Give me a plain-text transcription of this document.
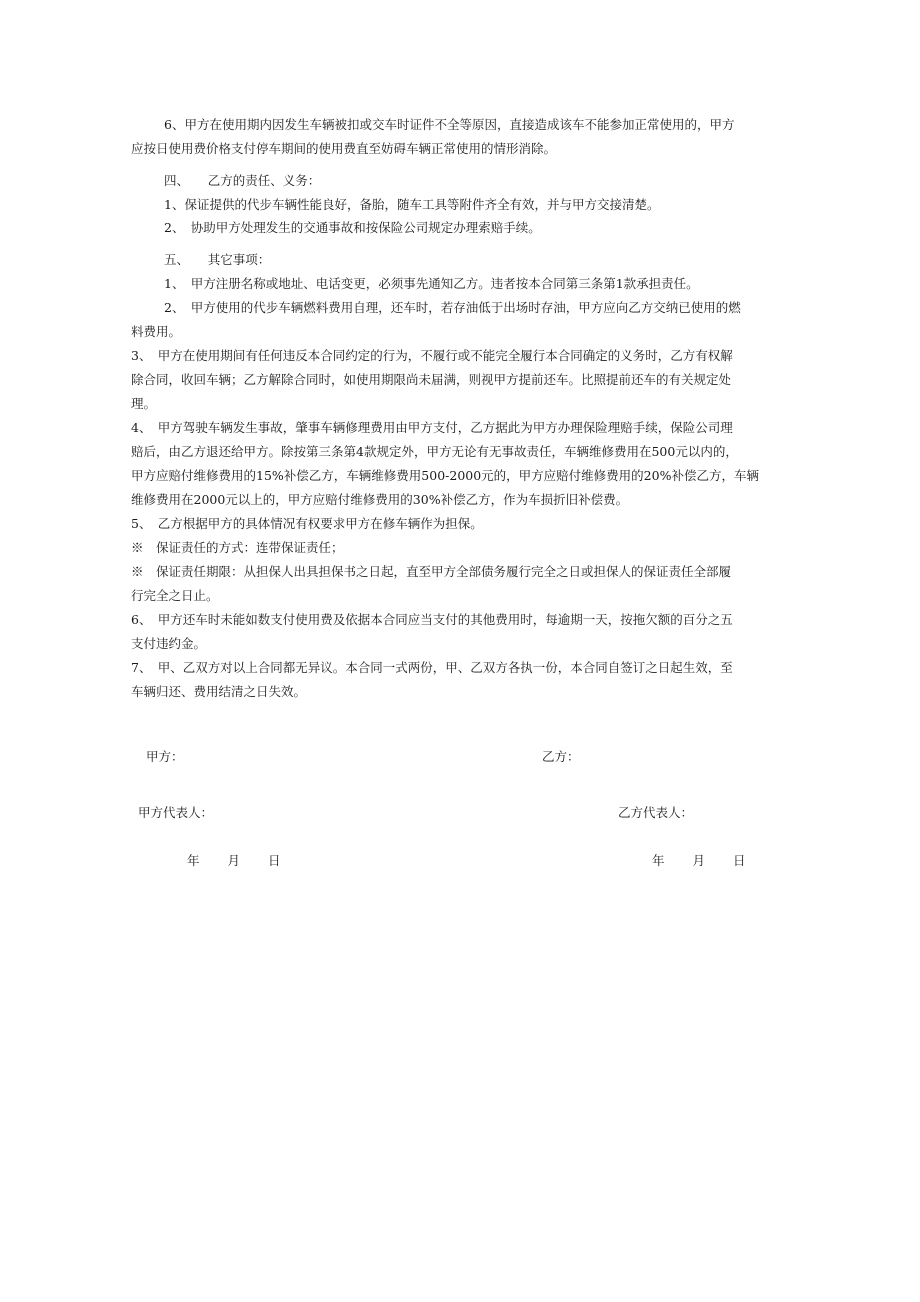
6、甲方在使用期内因发生车辆被扣或交车时证件不全等原因，直接造成该车不能参加正常使用的，甲方
应按日使用费价格支付停车期间的使用费直至妨碍车辆正常使用的情形消除。
四、　　乙方的责任、义务：
1、保证提供的代步车辆性能良好，备胎，随车工具等附件齐全有效，并与甲方交接清楚。
2、　协助甲方处理发生的交通事故和按保险公司规定办理索赔手续。
五、　　其它事项：
1、　甲方注册名称或地址、电话变更，必须事先通知乙方。违者按本合同第三条第1款承担责任。
2、　甲方使用的代步车辆燃料费用自理，还车时，若存油低于出场时存油，甲方应向乙方交纳已使用的燃
料费用。
3、　甲方在使用期间有任何违反本合同约定的行为，不履行或不能完全履行本合同确定的义务时，乙方有权解
除合同，收回车辆；乙方解除合同时，如使用期限尚未届满，则视甲方提前还车。比照提前还车的有关规定处
理。
4、　甲方驾驶车辆发生事故，肇事车辆修理费用由甲方支付，乙方据此为甲方办理保险理赔手续，保险公司理
赔后，由乙方退还给甲方。除按第三条第4款规定外，甲方无论有无事故责任，车辆维修费用在500元以内的，
甲方应赔付维修费用的15%补偿乙方，车辆维修费用500-2000元的，甲方应赔付维修费用的20%补偿乙方，车辆
维修费用在2000元以上的，甲方应赔付维修费用的30%补偿乙方，作为车损折旧补偿费。
5、　乙方根据甲方的具体情况有权要求甲方在修车辆作为担保。
※　保证责任的方式：连带保证责任；
※　保证责任期限：从担保人出具担保书之日起，直至甲方全部债务履行完全之日或担保人的保证责任全部履
行完全之日止。
6、　甲方还车时未能如数支付使用费及依据本合同应当支付的其他费用时，每逾期一天，按拖欠额的百分之五
支付违约金。
7、　甲、乙双方对以上合同都无异议。本合同一式两份，甲、乙双方各执一份，本合同自签订之日起生效，至
车辆归还、费用结清之日失效。
甲方：	乙方：
甲方代表人：	乙方代表人：
年　　月　　日	年　　月　　日
